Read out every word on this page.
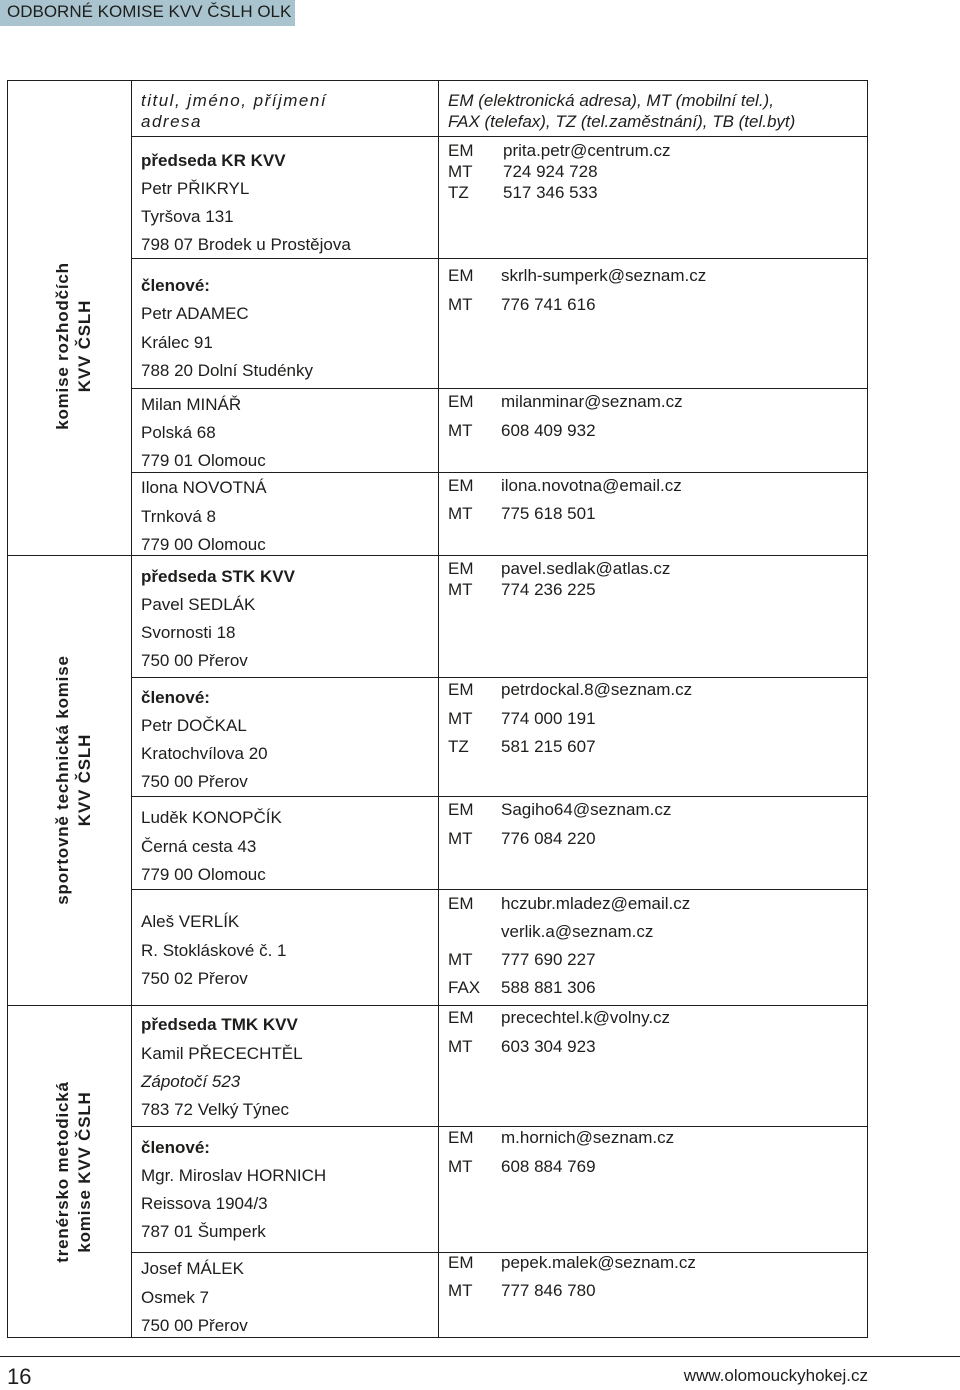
ODBORNÉ KOMISE KVV ČSLH OLK
komise rozhodčích KVV ČSLH
sportovně technická komise KVV ČSLH
trenérsko metodická komise KVV ČSLH
titul, jméno, příjmení
adresa
předseda KR KVV
Petr PŘIKRYL
Tyršova 131
798 07 Brodek u Prostějova
členové:
Petr ADAMEC
Králec 91
788 20 Dolní Studénky
Milan MINÁŘ
Polská 68
779 01 Olomouc
Ilona NOVOTNÁ
Trnková 8
779 00 Olomouc
předseda STK KVV
Pavel SEDLÁK
Svornosti 18
750 00 Přerov
členové:
Petr DOČKAL
Kratochvílova 20
750 00 Přerov
Luděk KONOPČÍK
Černá cesta 43
779 00 Olomouc
Aleš VERLÍK
R. Stokláskové č. 1
750 02 Přerov
předseda TMK KVV
Kamil PŘECECHTĚL
Zápotočí 523
783 72 Velký Týnec
členové:
Mgr. Miroslav HORNICH
Reissova 1904/3
787 01 Šumperk
Josef MÁLEK
Osmek 7
750 00 Přerov
EM (elektronická adresa), MT (mobilní tel.),
FAX (telefax), TZ (tel.zaměstnání), TB (tel.byt)
EM prita.petr@centrum.cz
MT 724 924 728
TZ 517 346 533
EM skrlh-sumperk@seznam.cz
MT 776 741 616
EM milanminar@seznam.cz
MT 608 409 932
EM ilona.novotna@email.cz
MT 775 618 501
EM pavel.sedlak@atlas.cz
MT 774 236 225
EM petrdockal.8@seznam.cz
MT 774 000 191
TZ 581 215 607
EM Sagiho64@seznam.cz
MT 776 084 220
EM hczubr.mladez@email.cz
verlik.a@seznam.cz
MT 777 690 227
FAX 588 881 306
EM precechtel.k@volny.cz
MT 603 304 923
EM m.hornich@seznam.cz
MT 608 884 769
EM pepek.malek@seznam.cz
MT 777 846 780
16	www.olomouckyhokej.cz
